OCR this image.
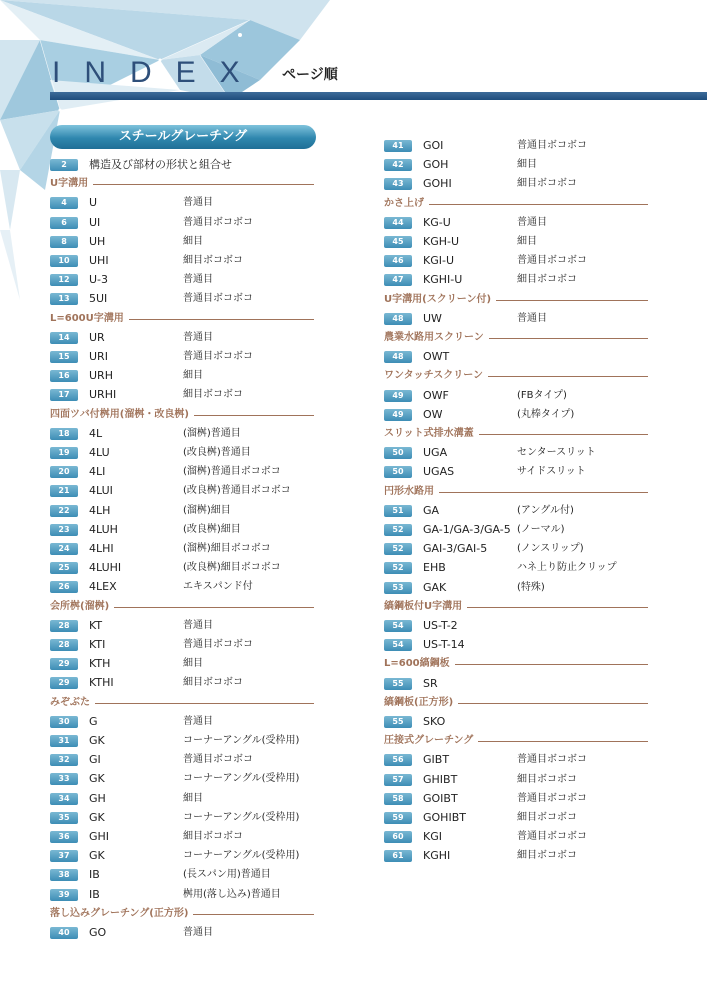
INDEX ページ順
スチールグレーチング
2	構造及び部材の形状と組合せ
U字溝用
4	U	普通目
6	UI	普通目ボコボコ
8	UH	細目
10	UHI	細目ボコボコ
12	U-3	普通目
13	5UI	普通目ボコボコ
L=600U字溝用
14	UR	普通目
15	URI	普通目ボコボコ
16	URH	細目
17	URHI	細目ボコボコ
四面ツバ付桝用(溜桝・改良桝)
18	4L	(溜桝)普通目
19	4LU	(改良桝)普通目
20	4LI	(溜桝)普通目ボコボコ
21	4LUI	(改良桝)普通目ボコボコ
22	4LH	(溜桝)細目
23	4LUH	(改良桝)細目
24	4LHI	(溜桝)細目ボコボコ
25	4LUHI	(改良桝)細目ボコボコ
26	4LEX	エキスパンド付
会所桝(溜桝)
28	KT	普通目
28	KTI	普通目ボコボコ
29	KTH	細目
29	KTHI	細目ボコボコ
みぞぶた
30	G	普通目
31	GK	コーナーアングル(受枠用)
32	GI	普通目ボコボコ
33	GK	コーナーアングル(受枠用)
34	GH	細目
35	GK	コーナーアングル(受枠用)
36	GHI	細目ボコボコ
37	GK	コーナーアングル(受枠用)
38	IB	(長スパン用)普通目
39	IB	桝用(落し込み)普通目
落し込みグレーチング(正方形)
40	GO	普通目
41	GOI	普通目ボコボコ
42	GOH	細目
43	GOHI	細目ボコボコ
かさ上げ
44	KG-U	普通目
45	KGH-U	細目
46	KGI-U	普通目ボコボコ
47	KGHI-U	細目ボコボコ
U字溝用(スクリーン付)
48	UW	普通目
農業水路用スクリーン
48	OWT
ワンタッチスクリーン
49	OWF	(FBタイプ)
49	OW	(丸棒タイプ)
スリット式排水溝蓋
50	UGA	センタースリット
50	UGAS	サイドスリット
円形水路用
51	GA	(アングル付)
52	GA-1/GA-3/GA-5 (ノーマル)
52	GAI-3/GAI-5	(ノンスリップ)
52	EHB	ハネ上り防止クリップ
53	GAK	(特殊)
縞鋼板付U字溝用
54	US-T-2
54	US-T-14
L=600縞鋼板
55	SR
縞鋼板(正方形)
55	SKO
圧接式グレーチング
56	GIBT	普通目ボコボコ
57	GHIBT	細目ボコボコ
58	GOIBT	普通目ボコボコ
59	GOHIBT	細目ボコボコ
60	KGI	普通目ボコボコ
61	KGHI	細目ボコボコ
